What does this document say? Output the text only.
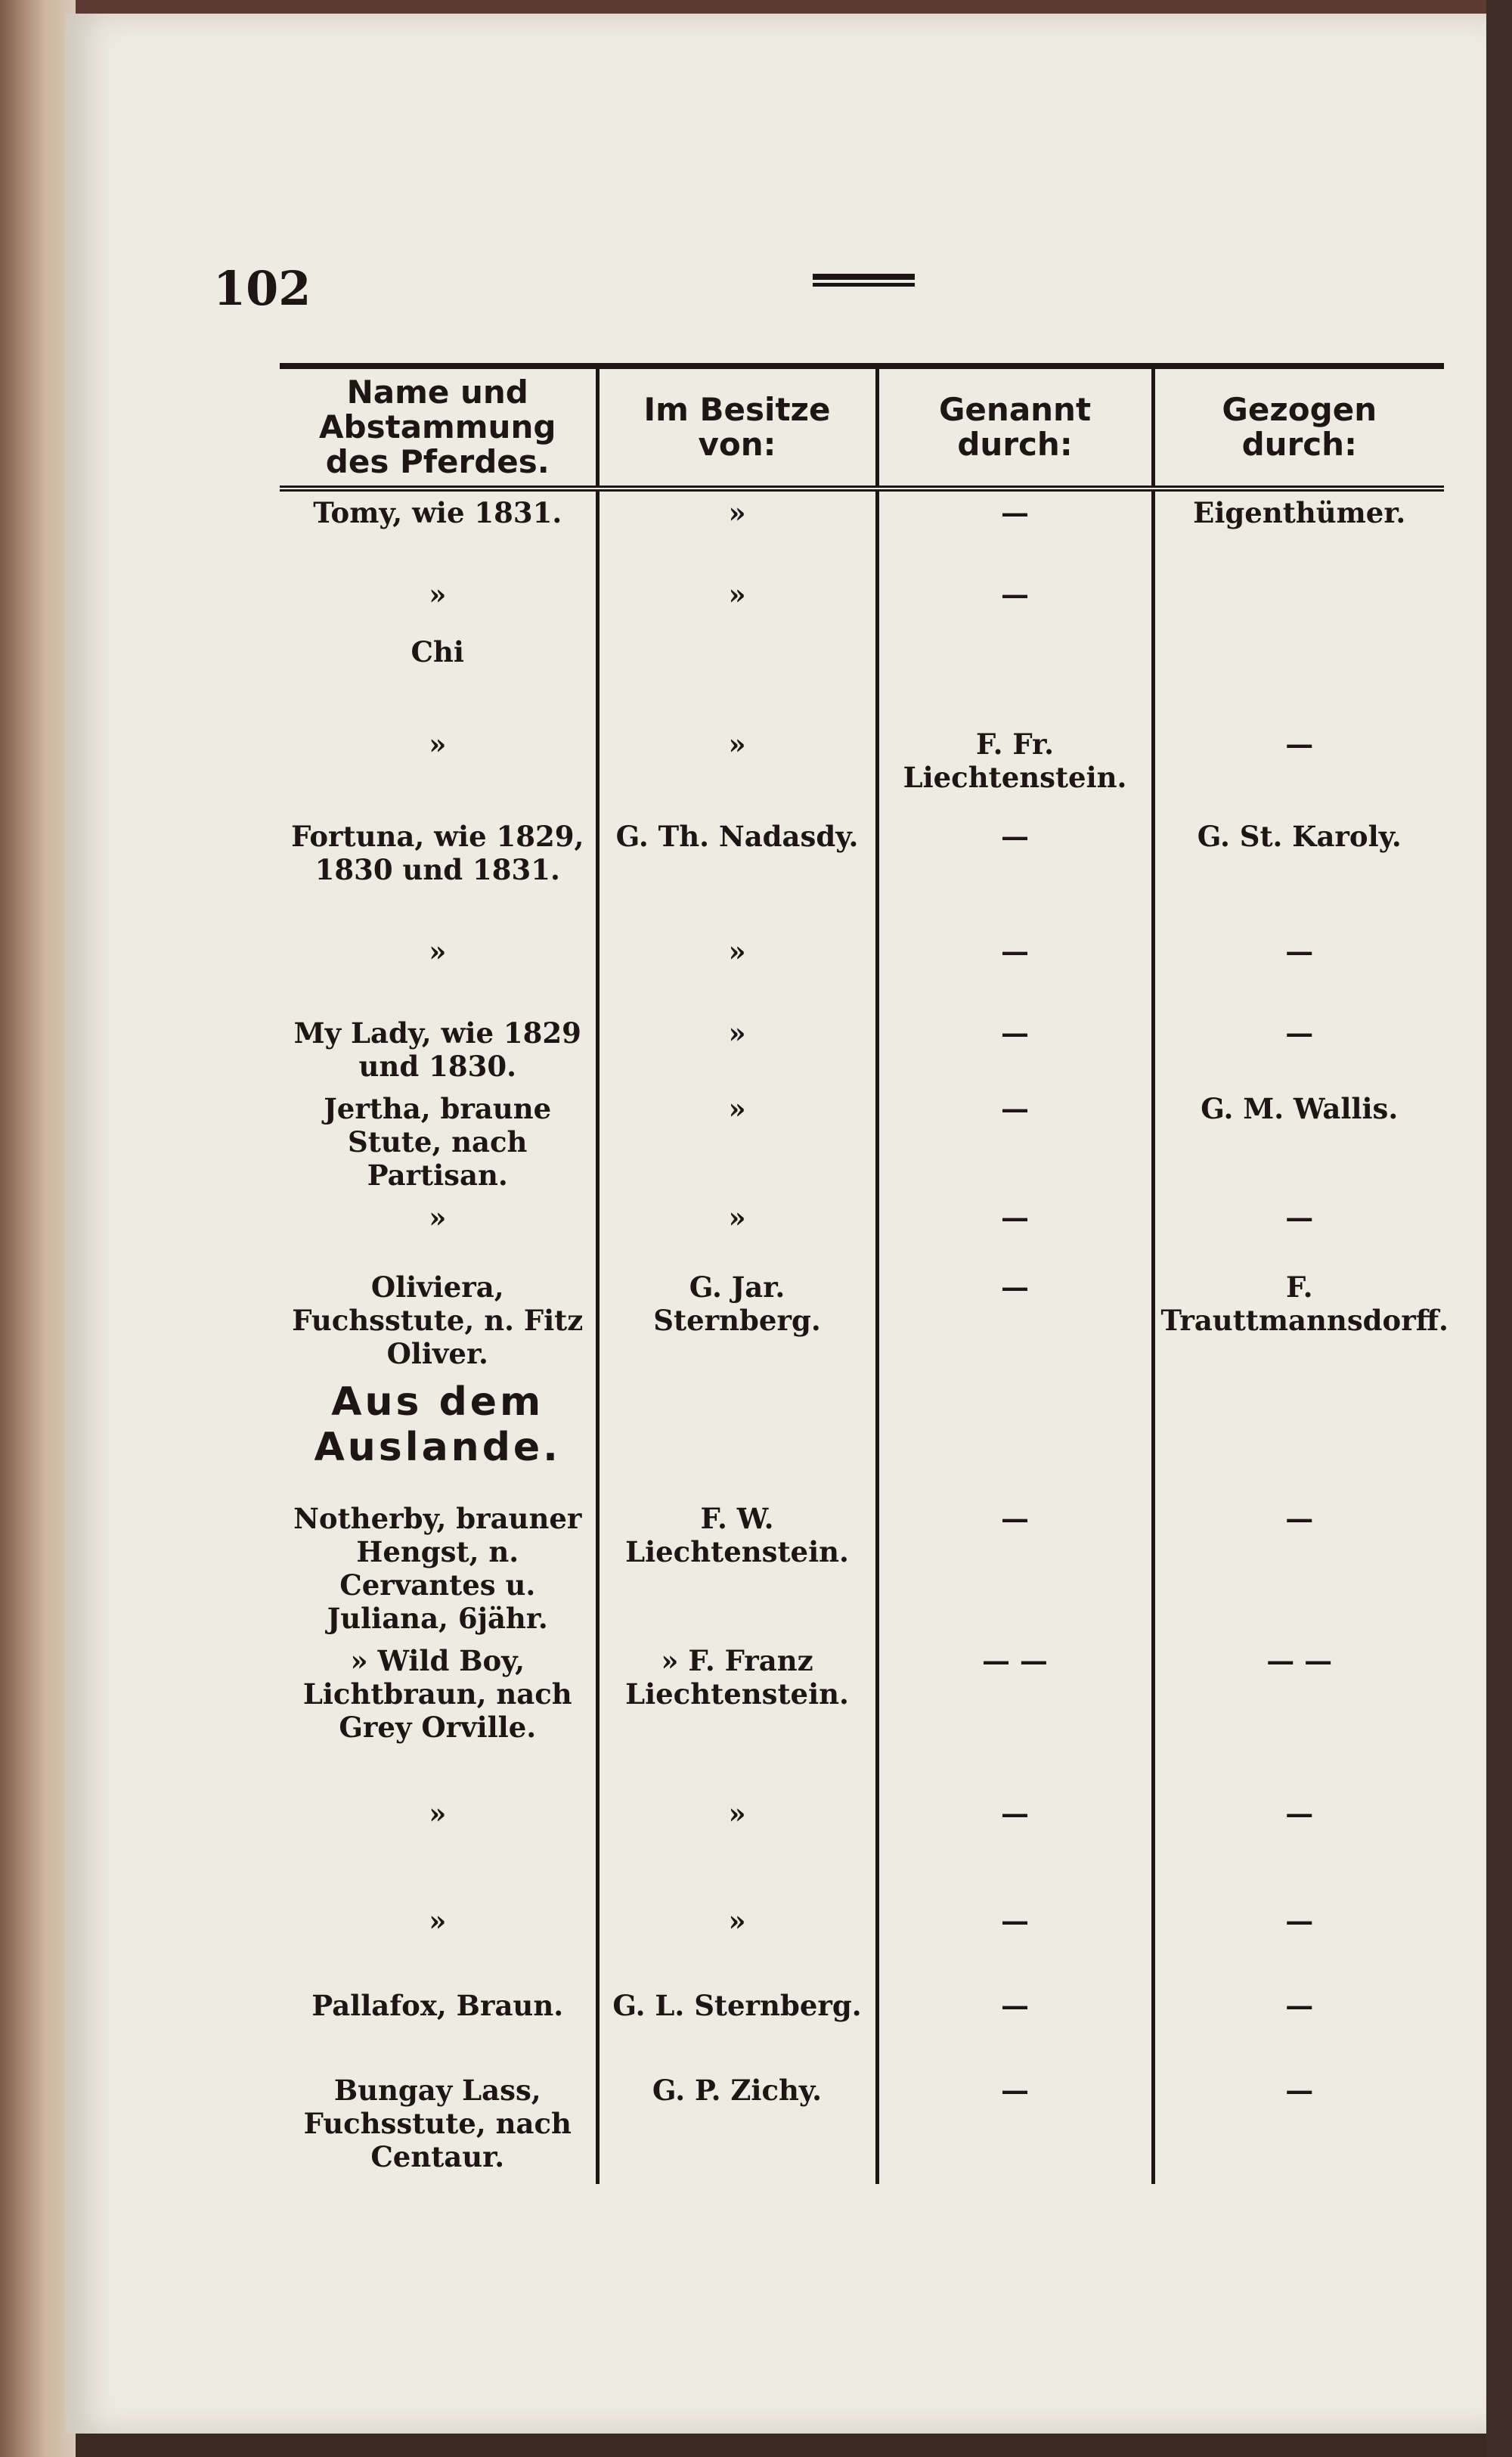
102
Name und Abstammung des Pferdes.	Im Besitze von:	Genannt durch:	Gezogen durch:
Tomy, wie 1831.	»	—	Eigenthümer.
»	»	—	
Chi			
»	»	F. Fr. Liechtenstein.	—
Fortuna, wie 1829, 1830 und 1831.	G. Th. Nadasdy.	—	G. St. Karoly.
»	»	—	—
My Lady, wie 1829 und 1830.	»	—	—
Jertha, braune Stute, nach Partisan.	»	—	G. M. Wallis.
»	»	—	—
Oliviera, Fuchsstute, n. Fitz Oliver.	G. Jar. Sternberg.	—	F. Trauttmannsdorff.
Aus dem Auslande.			
Notherby, brauner Hengst, n. Cervantes u. Juliana, 6jähr.	F. W. Liechtenstein.	—	—
» Wild Boy, Lichtbraun, nach Grey Orville.	» F. Franz Liechtenstein.	— —	— —
»	»	—	—
»	»	—	—
Pallafox, Braun.	G. L. Sternberg.	—	—
Bungay Lass, Fuchsstute, nach Centaur.	G. P. Zichy.	—	—
